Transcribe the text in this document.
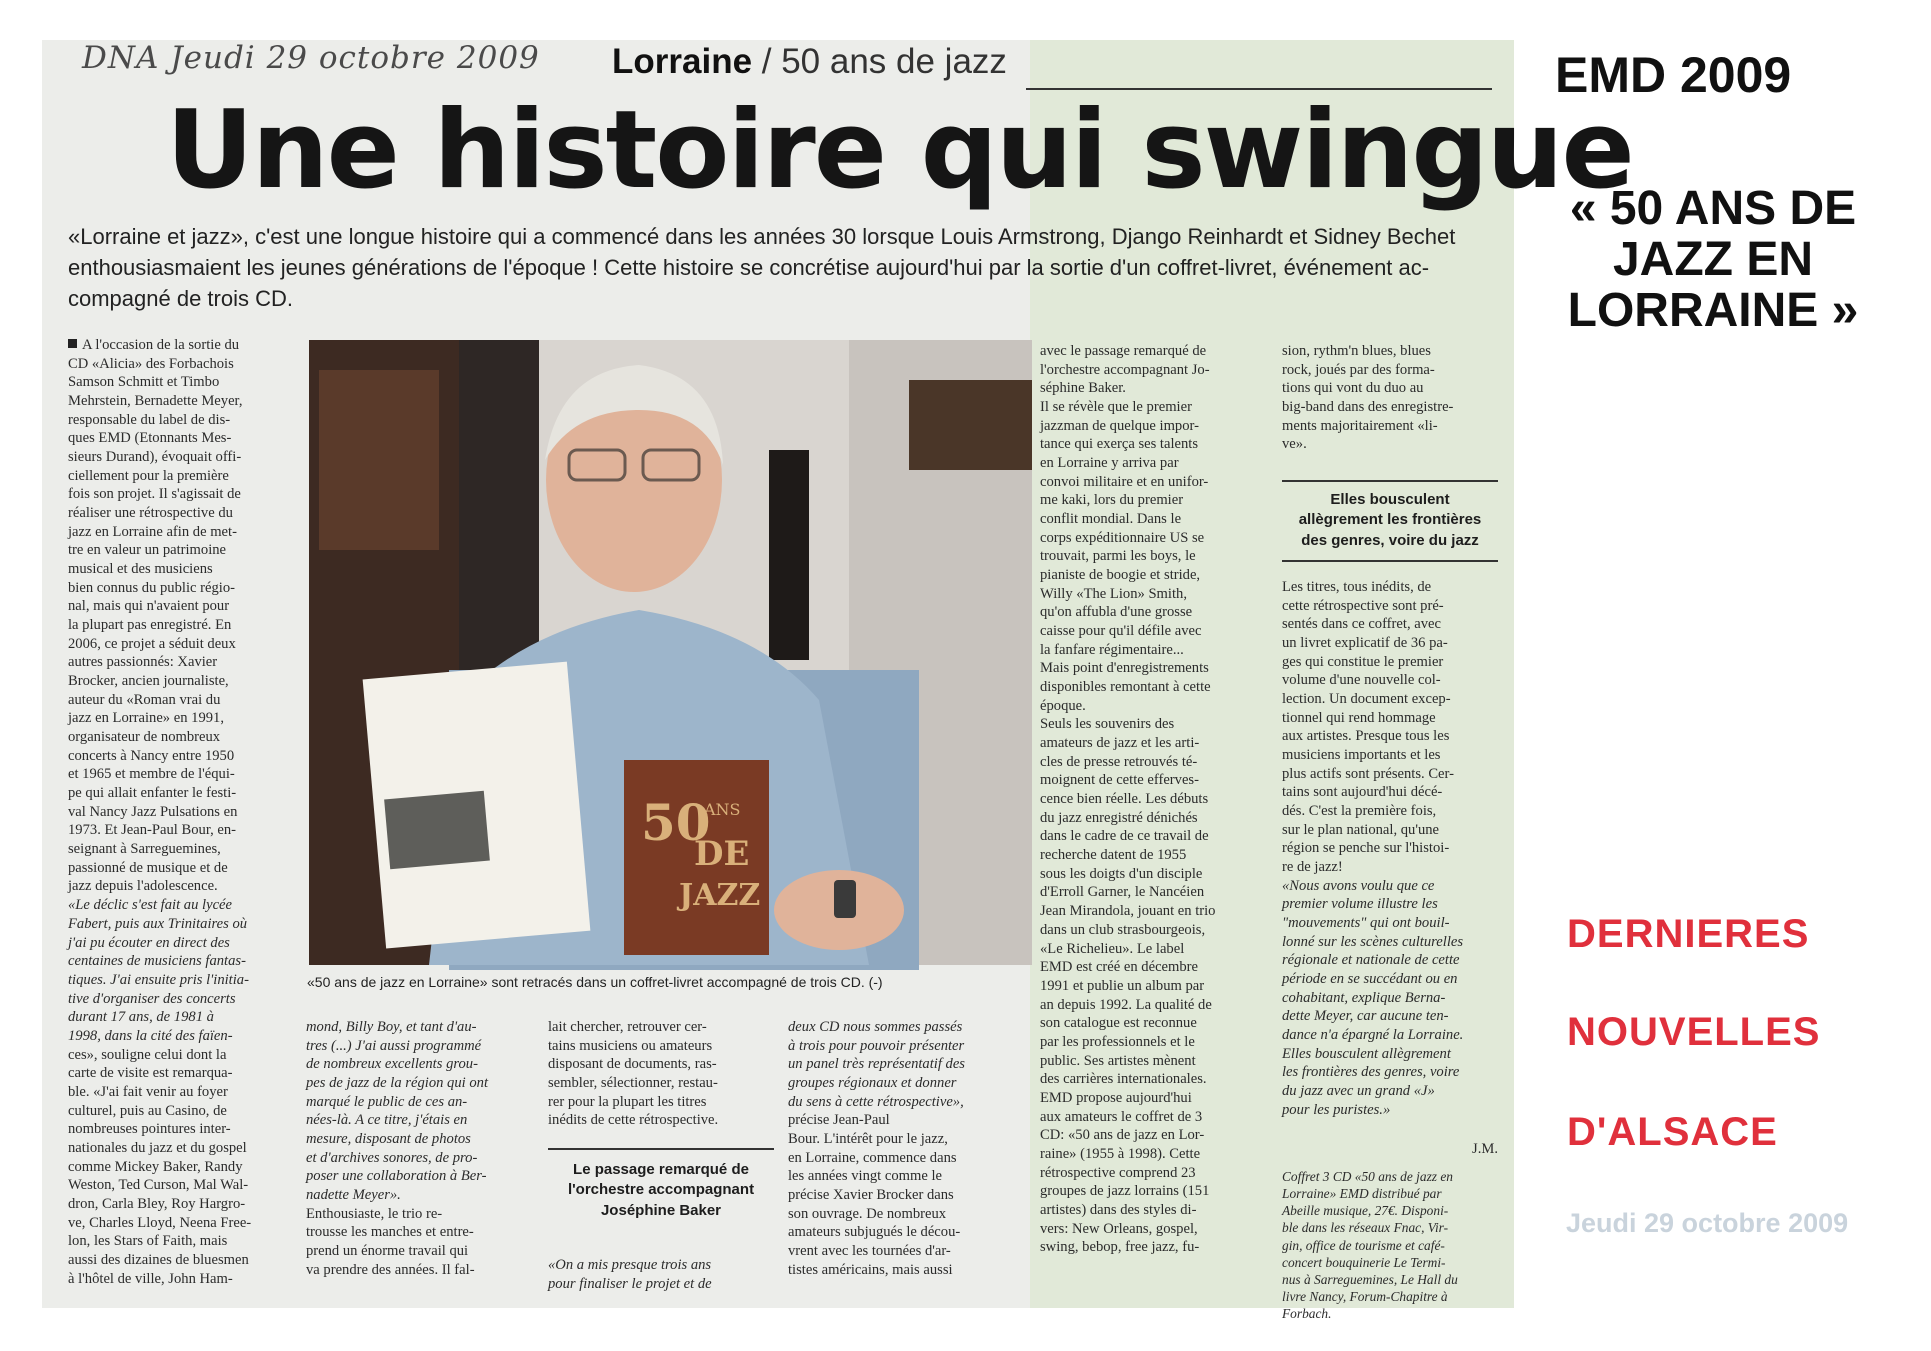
DNA Jeudi 29 octobre 2009 Lorraine / 50 ans de jazz
Une histoire qui swingue

«Lorraine et jazz», c'est une longue histoire qui a commencé dans les années 30 lorsque Louis Armstrong, Django Reinhardt et Sidney Bechet
enthousiasmaient les jeunes générations de l'époque ! Cette histoire se concrétise aujourd'hui par la sortie d'un coffret-livret, événement ac-
compagné de trois CD.

A l'occasion de la sortie du
CD «Alicia» des Forbachois
Samson Schmitt et Timbo
Mehrstein, Bernadette Meyer,
responsable du label de dis-
ques EMD (Etonnants Mes-
sieurs Durand), évoquait offi-
ciellement pour la première
fois son projet. Il s'agissait de
réaliser une rétrospective du
jazz en Lorraine afin de met-
tre en valeur un patrimoine
musical et des musiciens
bien connus du public régio-
nal, mais qui n'avaient pour
la plupart pas enregistré. En
2006, ce projet a séduit deux
autres passionnés: Xavier
Brocker, ancien journaliste,
auteur du «Roman vrai du
jazz en Lorraine» en 1991,
organisateur de nombreux
concerts à Nancy entre 1950
et 1965 et membre de l'équi-
pe qui allait enfanter le festi-
val Nancy Jazz Pulsations en
1973. Et Jean-Paul Bour, en-
seignant à Sarreguemines,
passionné de musique et de
jazz depuis l'adolescence.
«Le déclic s'est fait au lycée
Fabert, puis aux Trinitaires où
j'ai pu écouter en direct des
centaines de musiciens fantas-
tiques. J'ai ensuite pris l'initia-
tive d'organiser des concerts
durant 17 ans, de 1981 à
1998, dans la cité des faïen-
ces», souligne celui dont la
carte de visite est remarqua-
ble. «J'ai fait venir au foyer
culturel, puis au Casino, de
nombreuses pointures inter-
nationales du jazz et du gospel
comme Mickey Baker, Randy
Weston, Ted Curson, Mal Wal-
dron, Carla Bley, Roy Hargro-
ve, Charles Lloyd, Neena Free-
lon, les Stars of Faith, mais
aussi des dizaines de bluesmen
à l'hôtel de ville, John Ham-
50
ANS
DE
JAZZ
«50 ans de jazz en Lorraine» sont retracés dans un coffret-livret accompagné de trois CD. (-)
mond, Billy Boy, et tant d'au-
tres (...) J'ai aussi programmé
de nombreux excellents grou-
pes de jazz de la région qui ont
marqué le public de ces an-
nées-là. A ce titre, j'étais en
mesure, disposant de photos
et d'archives sonores, de pro-
poser une collaboration à Ber-
nadette Meyer».
Enthousiaste, le trio re-
trousse les manches et entre-
prend un énorme travail qui
va prendre des années. Il fal-
lait chercher, retrouver cer-
tains musiciens ou amateurs
disposant de documents, ras-
sembler, sélectionner, restau-
rer pour la plupart les titres
inédits de cette rétrospective.
Le passage remarqué de
l'orchestre accompagnant
Joséphine Baker
«On a mis presque trois ans
pour finaliser le projet et de
deux CD nous sommes passés
à trois pour pouvoir présenter
un panel très représentatif des
groupes régionaux et donner
du sens à cette rétrospective»,
précise Jean-Paul
Bour. L'intérêt pour le jazz,
en Lorraine, commence dans
les années vingt comme le
précise Xavier Brocker dans
son ouvrage. De nombreux
amateurs subjugués le décou-
vrent avec les tournées d'ar-
tistes américains, mais aussi
avec le passage remarqué de
l'orchestre accompagnant Jo-
séphine Baker.
Il se révèle que le premier
jazzman de quelque impor-
tance qui exerça ses talents
en Lorraine y arriva par
convoi militaire et en unifor-
me kaki, lors du premier
conflit mondial. Dans le
corps expéditionnaire US se
trouvait, parmi les boys, le
pianiste de boogie et stride,
Willy «The Lion» Smith,
qu'on affubla d'une grosse
caisse pour qu'il défile avec
la fanfare régimentaire...
Mais point d'enregistrements
disponibles remontant à cette
époque.
Seuls les souvenirs des
amateurs de jazz et les arti-
cles de presse retrouvés té-
moignent de cette efferves-
cence bien réelle. Les débuts
du jazz enregistré dénichés
dans le cadre de ce travail de
recherche datent de 1955
sous les doigts d'un disciple
d'Erroll Garner, le Nancéien
Jean Mirandola, jouant en trio
dans un club strasbourgeois,
«Le Richelieu». Le label
EMD est créé en décembre
1991 et publie un album par
an depuis 1992. La qualité de
son catalogue est reconnue
par les professionnels et le
public. Ses artistes mènent
des carrières internationales.
EMD propose aujourd'hui
aux amateurs le coffret de 3
CD: «50 ans de jazz en Lor-
raine» (1955 à 1998). Cette
rétrospective comprend 23
groupes de jazz lorrains (151
artistes) dans des styles di-
vers: New Orleans, gospel,
swing, bebop, free jazz, fu-
sion, rythm'n blues, blues
rock, joués par des forma-
tions qui vont du duo au
big-band dans des enregistre-
ments majoritairement «li-
ve».
Elles bousculent
allègrement les frontières
des genres, voire du jazz
Les titres, tous inédits, de
cette rétrospective sont pré-
sentés dans ce coffret, avec
un livret explicatif de 36 pa-
ges qui constitue le premier
volume d'une nouvelle col-
lection. Un document excep-
tionnel qui rend hommage
aux artistes. Presque tous les
musiciens importants et les
plus actifs sont présents. Cer-
tains sont aujourd'hui décé-
dés. C'est la première fois,
sur le plan national, qu'une
région se penche sur l'histoi-
re de jazz!
«Nous avons voulu que ce
premier volume illustre les
"mouvements" qui ont bouil-
lonné sur les scènes culturelles
régionale et nationale de cette
période en se succédant ou en
cohabitant, explique Berna-
dette Meyer, car aucune ten-
dance n'a épargné la Lorraine.
Elles bousculent allègrement
les frontières des genres, voire
du jazz avec un grand «J»
pour les puristes.»
J.M.
Coffret 3 CD «50 ans de jazz en
Lorraine» EMD distribué par
Abeille musique, 27€. Disponi-
ble dans les réseaux Fnac, Vir-
gin, office de tourisme et café-
concert bouquinerie Le Termi-
nus à Sarreguemines, Le Hall du
livre Nancy, Forum-Chapitre à
Forbach.
EMD 2009

« 50 ANS DE
JAZZ EN
LORRAINE »

DERNIERES
NOUVELLES
D'ALSACE
Jeudi 29 octobre 2009
